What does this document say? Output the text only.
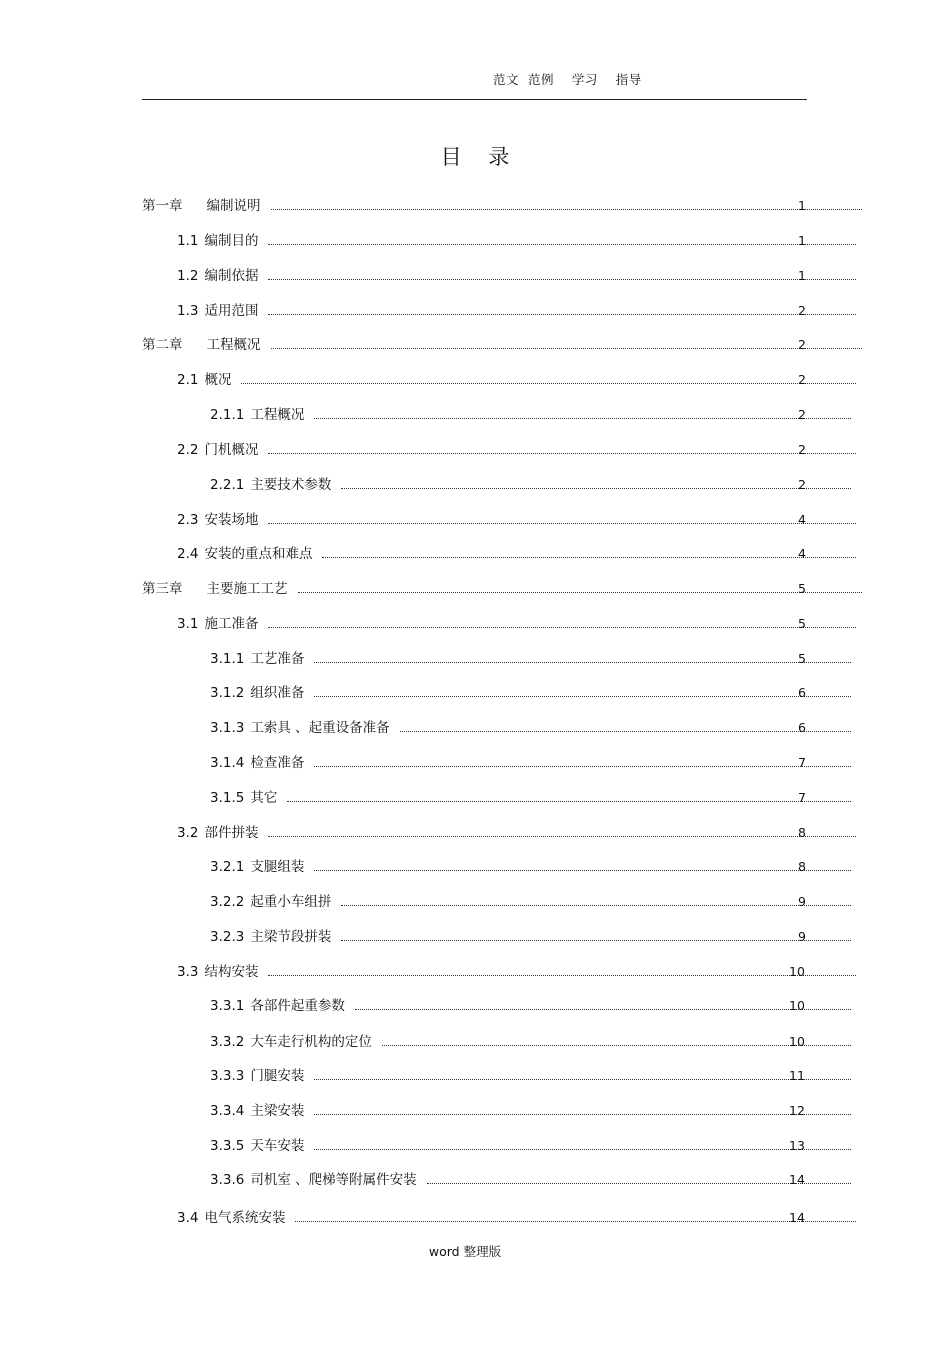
范文  范例    学习    指导
目    录
第一章 编制说明	1
1.1 编制目的	1
1.2 编制依据	1
1.3 适用范围	2
第二章 工程概况	2
2.1 概况	2
2.1.1 工程概况	2
2.2 门机概况	2
2.2.1 主要技术参数	2
2.3 安装场地	4
2.4 安装的重点和难点	4
第三章 主要施工工艺	5
3.1 施工准备	5
3.1.1 工艺准备	5
3.1.2 组织准备	6
3.1.3 工索具 、起重设备准备	6
3.1.4 检查准备	7
3.1.5 其它	7
3.2 部件拼装	8
3.2.1 支腿组装	8
3.2.2 起重小车组拼	9
3.2.3 主梁节段拼装	9
3.3 结构安装	10
3.3.1 各部件起重参数	10
3.3.2 大车走行机构的定位	10
3.3.3 门腿安装	11
3.3.4 主梁安装	12
3.3.5 天车安装	13
3.3.6 司机室 、爬梯等附属件安装	14
3.4 电气系统安装	14
word 整理版
